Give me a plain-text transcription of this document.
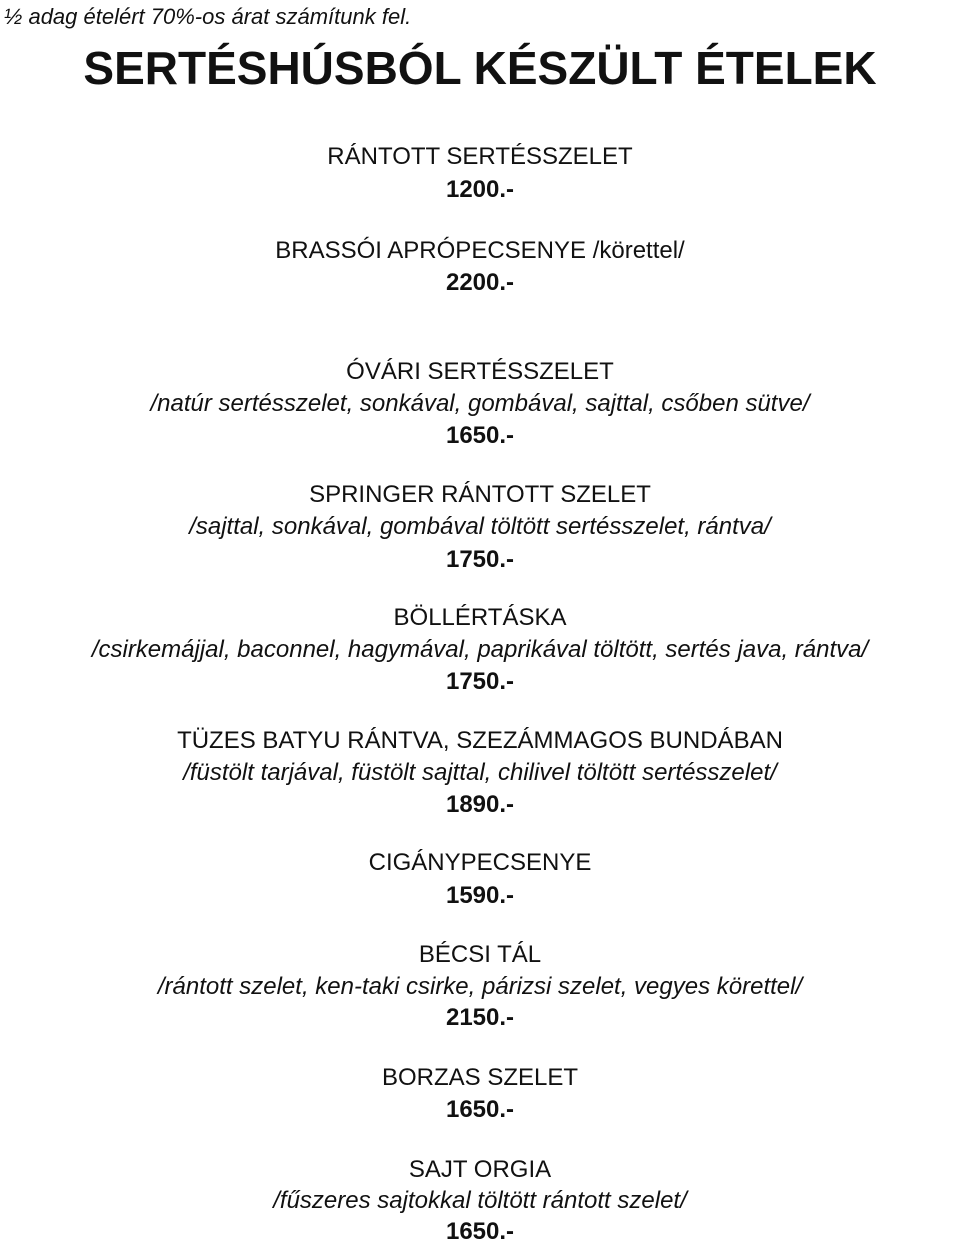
½ adag ételért 70%-os árat számítunk fel.
SERTÉSHÚSBÓL KÉSZÜLT ÉTELEK
RÁNTOTT SERTÉSSZELET
1200.-
BRASSÓI APRÓPECSENYE /körettel/
2200.-
ÓVÁRI SERTÉSSZELET
/natúr sertésszelet, sonkával, gombával, sajttal, csőben sütve/
1650.-
SPRINGER RÁNTOTT SZELET
/sajttal, sonkával, gombával töltött sertésszelet, rántva/
1750.-
BÖLLÉRTÁSKA
/csirkemájjal, baconnel, hagymával, paprikával töltött, sertés java, rántva/
1750.-
TÜZES BATYU RÁNTVA, SZEZÁMMAGOS BUNDÁBAN
/füstölt tarjával, füstölt sajttal, chilivel töltött sertésszelet/
1890.-
CIGÁNYPECSENYE
1590.-
BÉCSI TÁL
/rántott szelet, ken-taki csirke, párizsi szelet, vegyes körettel/
2150.-
BORZAS SZELET
1650.-
SAJT ORGIA
/fűszeres sajtokkal töltött rántott szelet/
1650.-
